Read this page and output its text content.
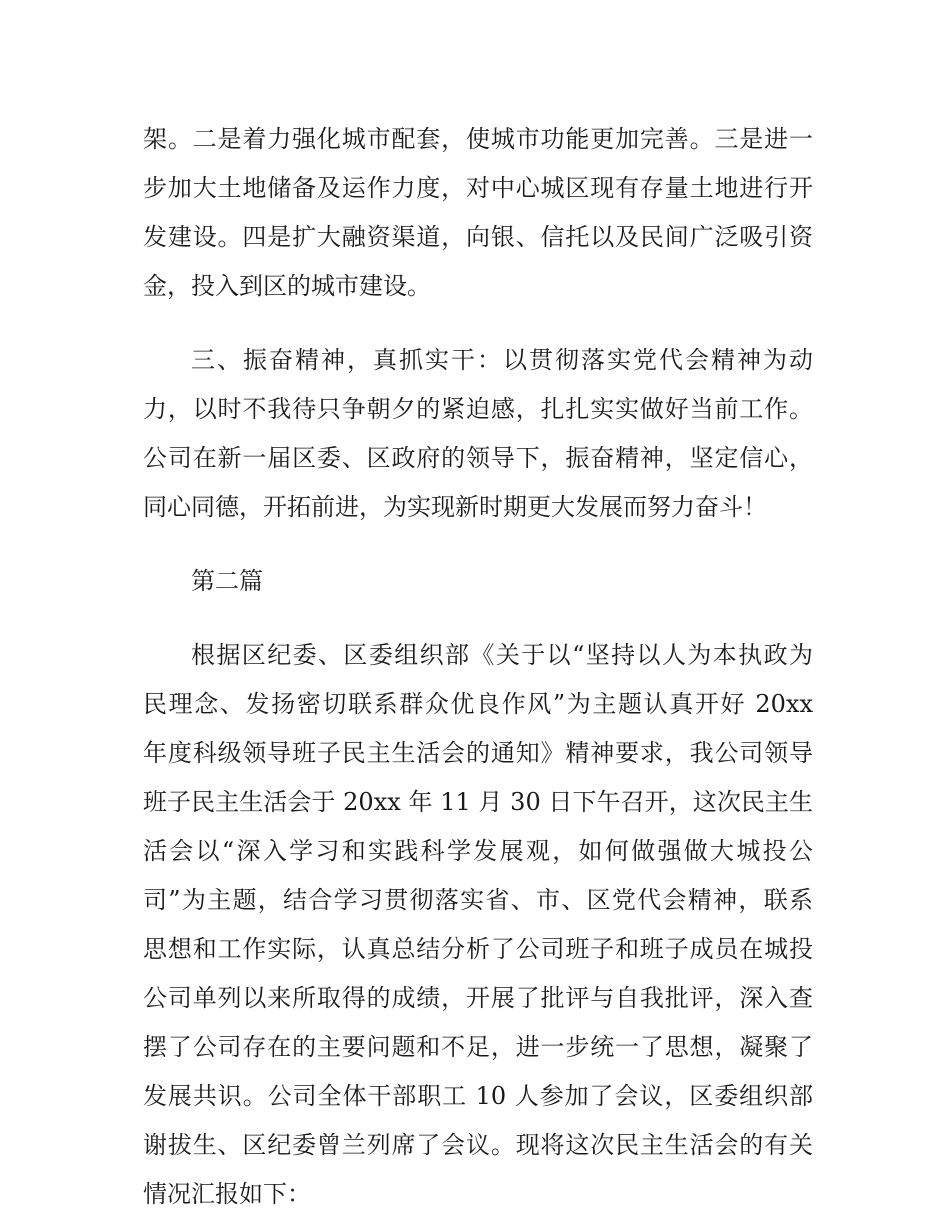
架。二是着力强化城市配套，使城市功能更加完善。三是进一
步加大土地储备及运作力度，对中心城区现有存量土地进行开
发建设。四是扩大融资渠道，向银、信托以及民间广泛吸引资
金，投入到区的城市建设。
三、振奋精神，真抓实干：以贯彻落实党代会精神为动
力，以时不我待只争朝夕的紧迫感，扎扎实实做好当前工作。
公司在新一届区委、区政府的领导下，振奋精神，坚定信心，
同心同德，开拓前进，为实现新时期更大发展而努力奋斗！
第二篇
根据区纪委、区委组织部《关于以“坚持以人为本执政为
民理念、发扬密切联系群众优良作风”为主题认真开好 20xx
年度科级领导班子民主生活会的通知》精神要求，我公司领导
班子民主生活会于 20xx 年 11 月 30 日下午召开，这次民主生
活会以“深入学习和实践科学发展观，如何做强做大城投公
司”为主题，结合学习贯彻落实省、市、区党代会精神，联系
思想和工作实际，认真总结分析了公司班子和班子成员在城投
公司单列以来所取得的成绩，开展了批评与自我批评，深入查
摆了公司存在的主要问题和不足，进一步统一了思想，凝聚了
发展共识。公司全体干部职工 10 人参加了会议，区委组织部
谢拔生、区纪委曾兰列席了会议。现将这次民主生活会的有关
情况汇报如下：
